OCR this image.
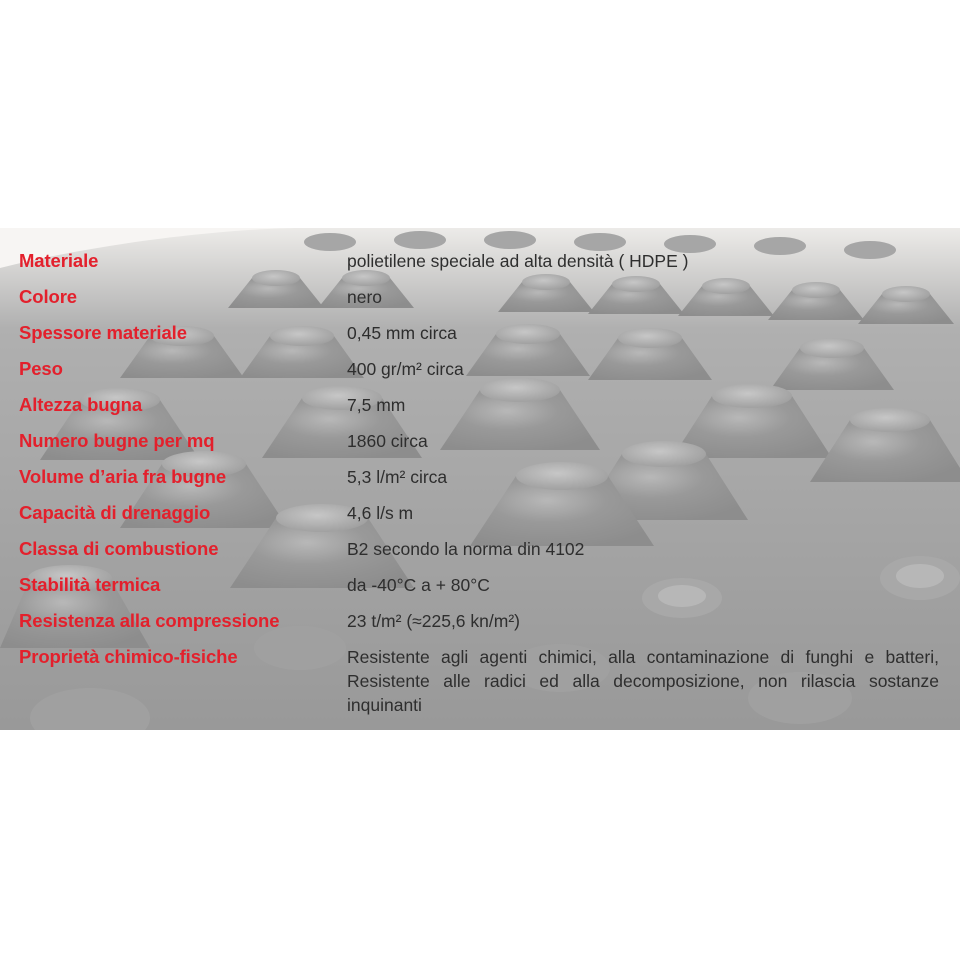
Materiale	polietilene speciale ad alta densità ( HDPE )
Colore	nero
Spessore materiale	0,45 mm circa
Peso	400 gr/m² circa
Altezza bugna	7,5 mm
Numero bugne per mq	1860 circa
Volume d’aria fra bugne	5,3 l/m² circa
Capacità di drenaggio	4,6 l/s m
Classa di combustione	B2 secondo la norma din 4102
Stabilità termica	da -40°C a + 80°C
Resistenza alla compressione	23 t/m² (≈225,6 kn/m²)
Proprietà chimico-fisiche	Resistente agli agenti chimici, alla contaminazione di funghi e batteri, Resistente alle radici ed alla decomposizione, non rilascia sostanze inquinanti
